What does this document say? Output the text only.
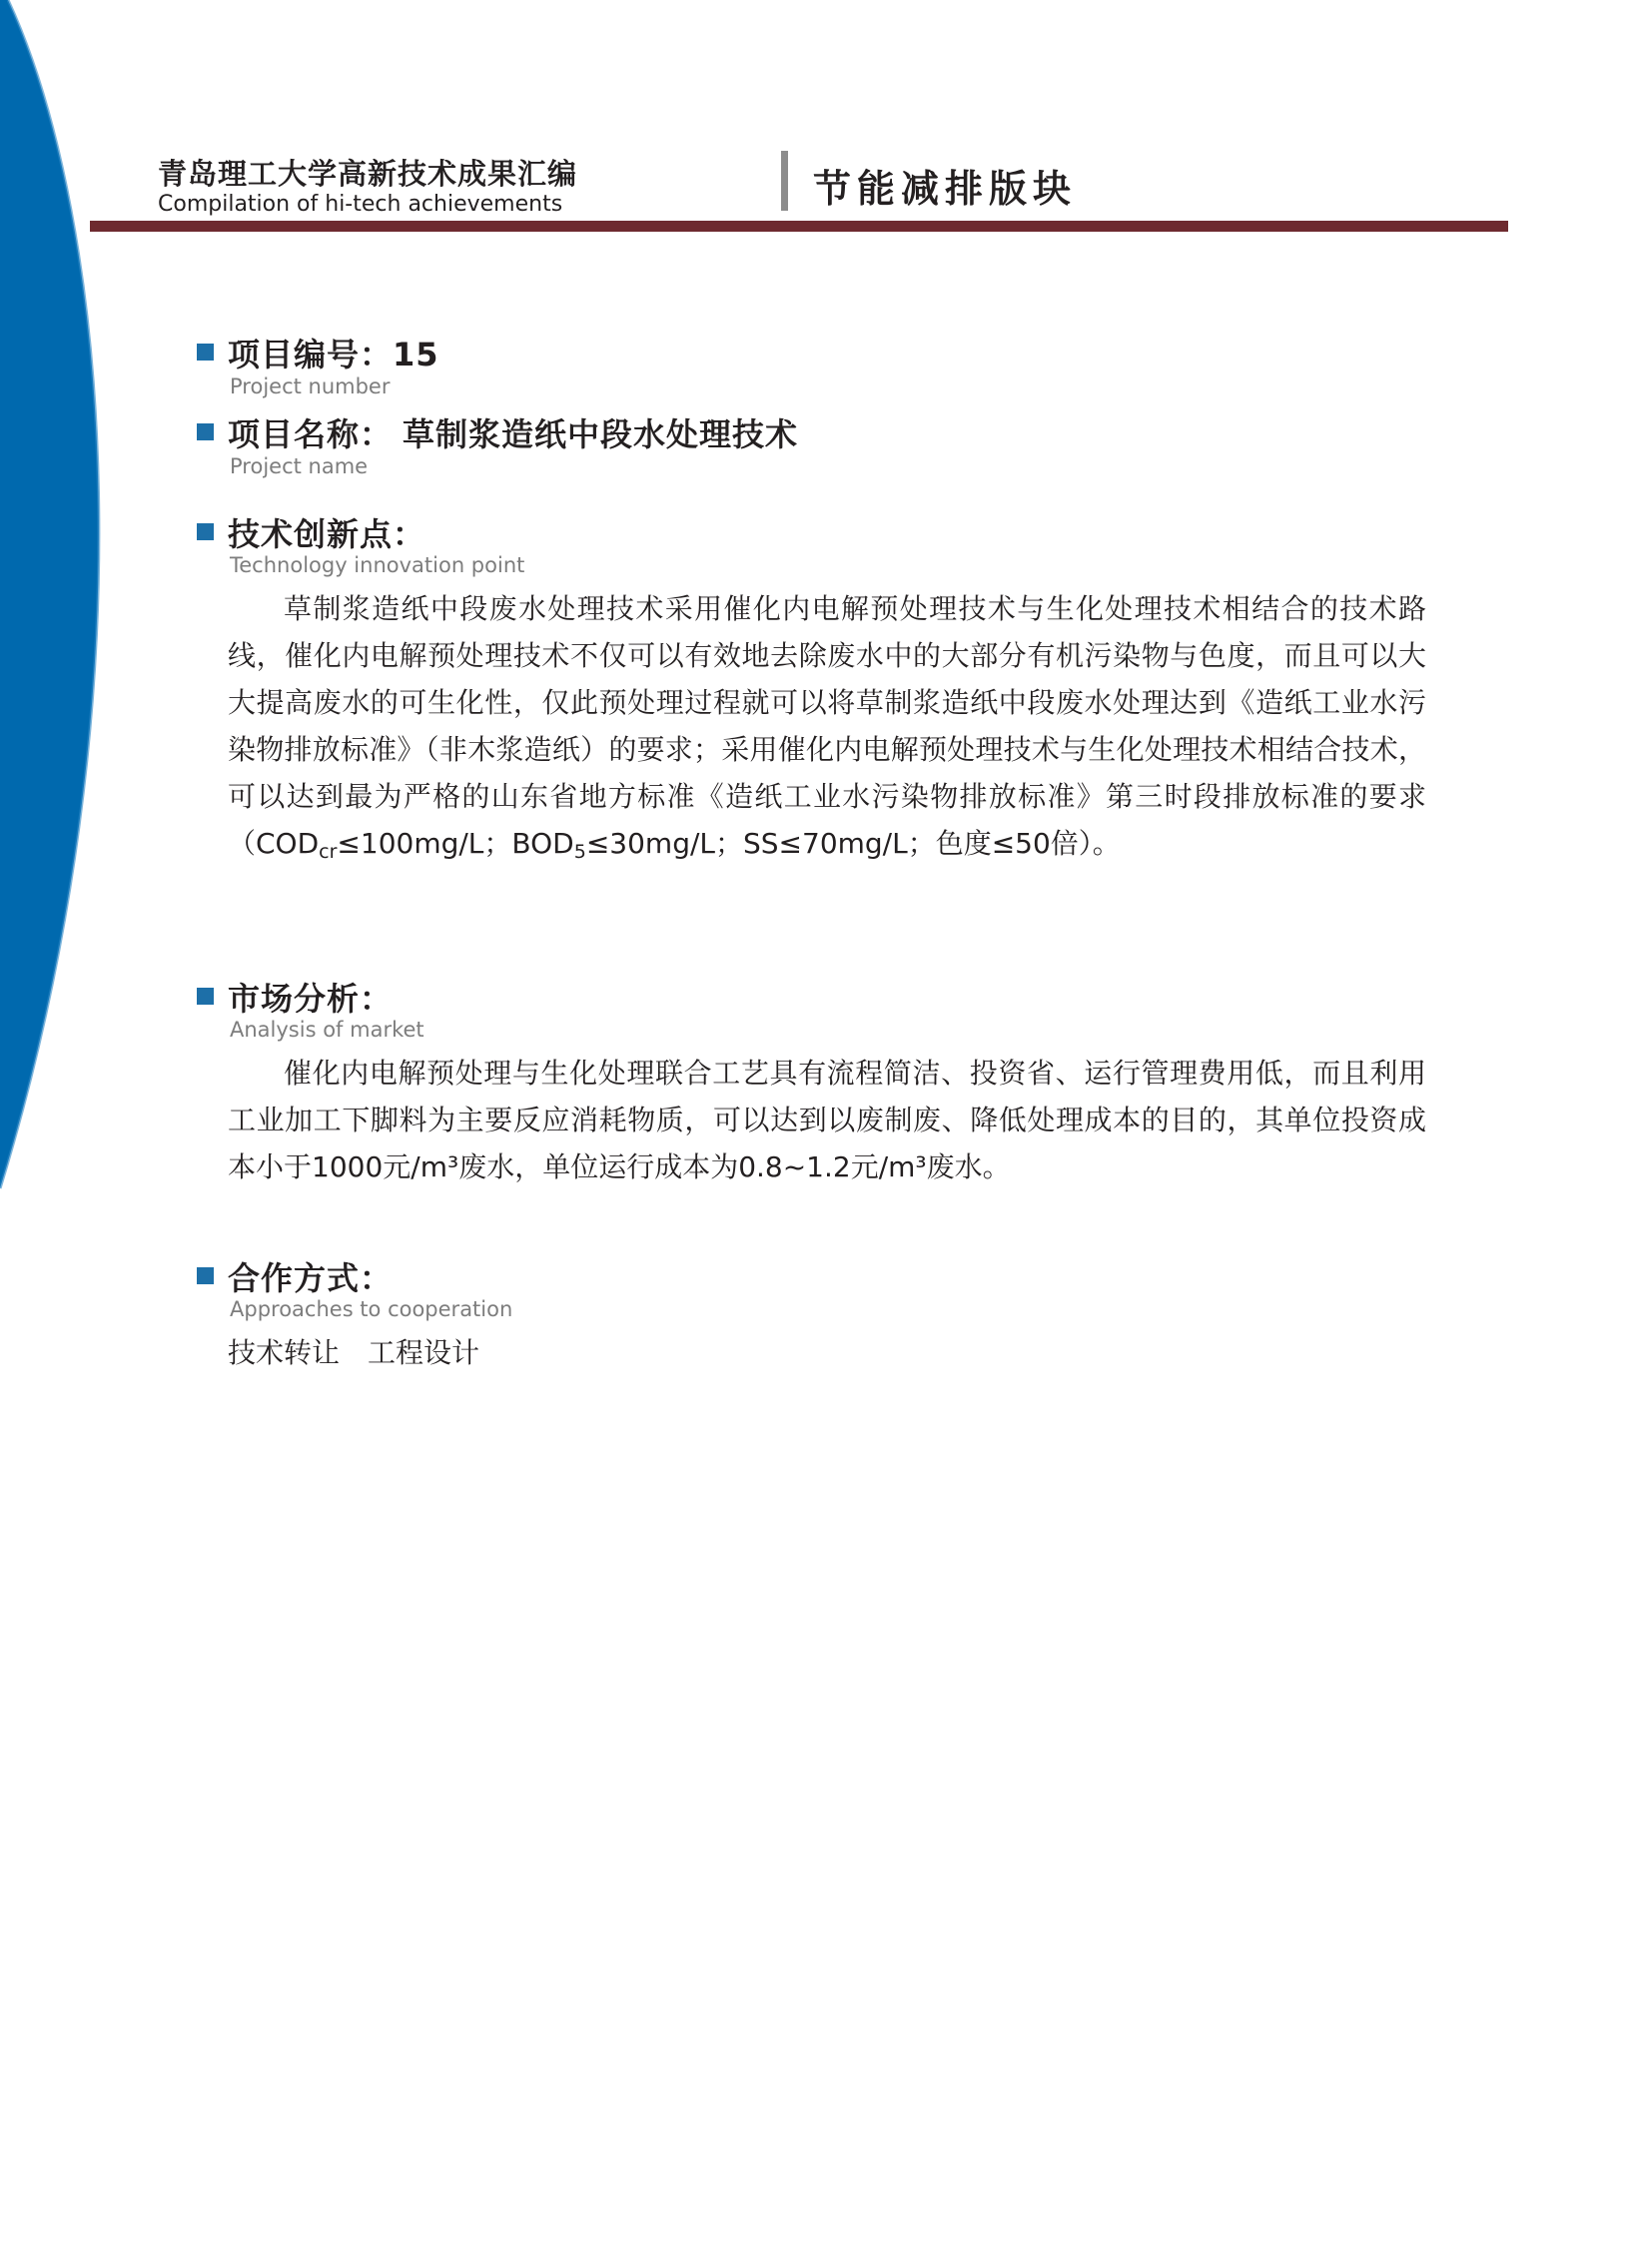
青岛理工大学高新技术成果汇编
Compilation of hi-tech achievements	节能减排版块
项目编号：15
Project number
项目名称： 草制浆造纸中段水处理技术
Project name
技术创新点：
Technology innovation point
草制浆造纸中段废水处理技术采用催化内电解预处理技术与生化处理技术相结合的技术路线，催化内电解预处理技术不仅可以有效地去除废水中的大部分有机污染物与色度，而且可以大大提高废水的可生化性，仅此预处理过程就可以将草制浆造纸中段废水处理达到《造纸工业水污染物排放标准》（非木浆造纸）的要求；采用催化内电解预处理技术与生化处理技术相结合技术，可以达到最为严格的山东省地方标准《造纸工业水污染物排放标准》第三时段排放标准的要求（$COD_{cr}\le 100mg/L$；$BOD_5\le 30mg/L$；SS≤70mg/L；色度≤50倍）。
市场分析：
Analysis of market
催化内电解预处理与生化处理联合工艺具有流程简洁、投资省、运行管理费用低，而且利用工业加工下脚料为主要反应消耗物质，可以达到以废制废、降低处理成本的目的，其单位投资成本小于1000元/m³废水，单位运行成本为0.8~1.2元/m³废水。
合作方式：
Approaches to cooperation
技术转让　工程设计
